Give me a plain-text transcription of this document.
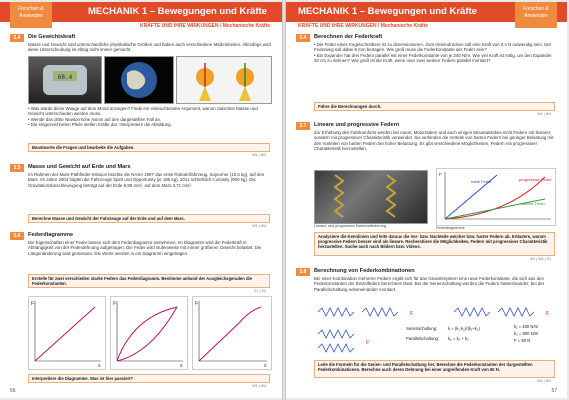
MECHANIK 1 – Bewegungen und Kräfte
Forschen & Anwenden
KRÄFTE UND IHRE WIRKUNGEN / Mechanische Kräfte
3.4	Die Gewichtskraft
Masse und Gewicht sind unterschiedliche physikalische Größen und haben auch verschiedene Maßeinheiten. Allerdings wird diese Unterscheidung im Alltag nicht immer gemacht.
68.4
• Was würde diese Waage auf dem Mond anzeigen? Finde ein einleuchtendes Argument, warum zwischen Masse und Gewicht unterschieden werden muss.
• Wende das dritte Newton'sche Axiom auf den dargestellten Fall an.
• Die eingezeichneten Pfeile stellen Kräfte dar. Interpretiere die Abbildung.
Beantworte die Fragen und bearbeite die Aufgaben.
W1 | W4
3.5	Masse und Gewicht auf Erde und Mars
Im Rahmen der Mars-Pathfinder-Mission brachte die NASA 1997 das erste Roboterfahrzeug, Sojourner (10,6 kg), auf den Mars. Im Jahre 2004 folgten die Fahrzeuge Spirit und Opportunity (je 185 kg), 2011 schließlich Curiosity (900 kg). Die Gravitationsbeschleunigung beträgt auf der Erde 9,80 m/s², auf dem Mars 3,71 m/s².
Berechne Masse und Gewicht der Fahrzeuge auf der Erde und auf dem Mars.
W1 | W4
3.6	Federdiagramme
Die Eigenschaften einer Feder lassen sich dem Federdiagramm entnehmen. Im Diagramm wird die Federkraft in Abhängigkeit von der Federdehnung aufgetragen. Die Feder wird stufenweise mit immer größeren Gewicht belastet. Die Längenänderung wird gemessen. Die Werte werden in ein Diagramm eingetragen.
Erstelle für zwei verschieden starke Federn das Federdiagramm. Bestimme anhand der Ausgleichsgeraden die Federkonstanten.
E1 | E2
F
s
F
s
F
s
Interpretiere die Diagramme. Was ist hier passiert?
W1 | W4
56
MECHANIK 1 – Bewegungen und Kräfte	Forschen & Anwenden
KRÄFTE UND IHRE WIRKUNGEN / Mechanische Kräfte
3.4	Berechnen der Federkraft
• Die Feder eines Kugelschreibers ist zu dimensionieren. Zum Hineindrücken soll eine Kraft von 0,4 N notwendig sein. Der Federweg soll dabei 8 mm betragen. Wie groß muss die Federkonstante der Feder sein?
• Ein Expander hat drei Federn parallel mit einer Federkonstante von je 240 N/m. Wie viel Kraft ist nötig, um den Expander 30 cm zu dehnen? Wie groß ist die Kraft, wenn man zwei weitere Federn parallel montiert?
Führe die Berechnungen durch.
W1 | W4
3.7	Lineare und progressive Federn
Zur Erhöhung des Fahrkomforts werden bei Autos, Motorrädern und auch einigen Mountainbikes nicht Federn mit linearer, sondern mit progressiver Charakteristik verwendet. Sie verbinden die Vorteile von harten Federn bei geringer Belastung mit den Vorteilen von harten Federn bei hoher Belastung. Es gibt verschiedene Möglichkeiten, Federn mit progressiver Charakteristik herzustellen.
Lineare und progressive Motorradfederung
harte Feder	progressive Feder
weiche Feder
F
Federdiagramme
Analysiere die Kennlinien und leite daraus die Vor- bzw. Nachteile weicher bzw. harter Federn ab. Erläutere, warum progressive Federn besser sind als lineare. Recherchiere die Möglichkeiten, Federn mit progressiver Charakteristik herzustellen. Suche auch nach Bildern bzw. Videos.
W1 | W4 | S1
3.8	Berechnung von Federkombinationen
Bei einer Kombination mehrerer Federn ergibt sich für das Gesamtsystem eine neue Federkonstante, die sich aus den Federkonstanten der Einzelfedern berechnen lässt. Bei der Serienschaltung werden die Federn hintereinander, bei der Parallelschaltung nebeneinander montiert.
F	F
F
Serienschaltung:	k = (k₁·k₂)/(k₁+k₂)
Parallelschaltung: kₚ = k₁ + k₂
k₁ = 400 N/m
k₂ = 800 N/m
F = 60 N
Leite die Formeln für die Serien- und Parallelschaltung her. Berechne die Federkonstanten der dargestellten Federkombinationen. Berechne auch deren Dehnung bei einer angreifenden Kraft von 60 N.
W1 | W4
57
